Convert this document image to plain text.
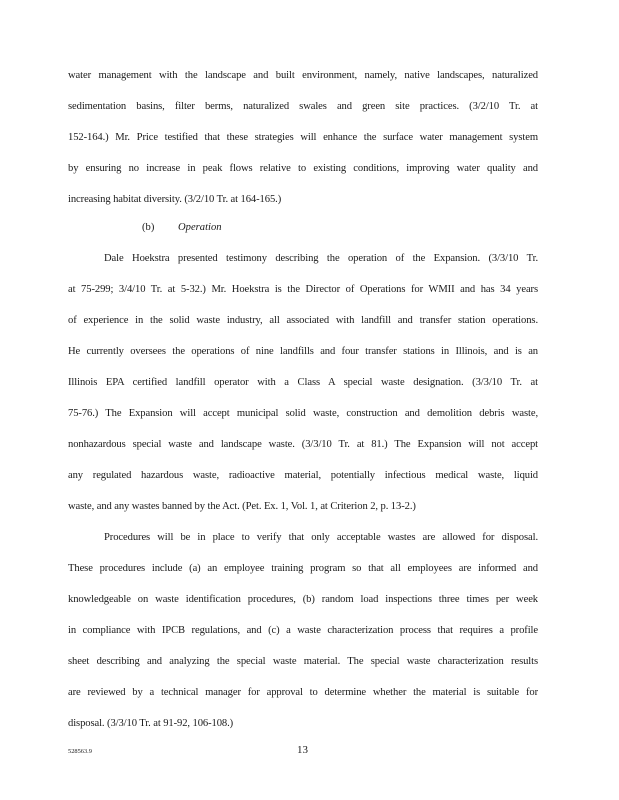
water management with the landscape and built environment, namely, native landscapes, naturalized
sedimentation basins, filter berms, naturalized swales and green site practices. (3/2/10 Tr. at
152-164.) Mr. Price testified that these strategies will enhance the surface water management system
by ensuring no increase in peak flows relative to existing conditions, improving water quality and
increasing habitat diversity. (3/2/10 Tr. at 164-165.)
(b) Operation
Dale Hoekstra presented testimony describing the operation of the Expansion. (3/3/10 Tr.
at 75-299; 3/4/10 Tr. at 5-32.) Mr. Hoekstra is the Director of Operations for WMII and has 34 years
of experience in the solid waste industry, all associated with landfill and transfer station operations.
He currently oversees the operations of nine landfills and four transfer stations in Illinois, and is an
Illinois EPA certified landfill operator with a Class A special waste designation. (3/3/10 Tr. at
75-76.) The Expansion will accept municipal solid waste, construction and demolition debris waste,
nonhazardous special waste and landscape waste. (3/3/10 Tr. at 81.) The Expansion will not accept
any regulated hazardous waste, radioactive material, potentially infectious medical waste, liquid
waste, and any wastes banned by the Act. (Pet. Ex. 1, Vol. 1, at Criterion 2, p. 13-2.)
Procedures will be in place to verify that only acceptable wastes are allowed for disposal.
These procedures include (a) an employee training program so that all employees are informed and
knowledgeable on waste identification procedures, (b) random load inspections three times per week
in compliance with IPCB regulations, and (c) a waste characterization process that requires a profile
sheet describing and analyzing the special waste material. The special waste characterization results
are reviewed by a technical manager for approval to determine whether the material is suitable for
disposal. (3/3/10 Tr. at 91-92, 106-108.)
528563.9	13
